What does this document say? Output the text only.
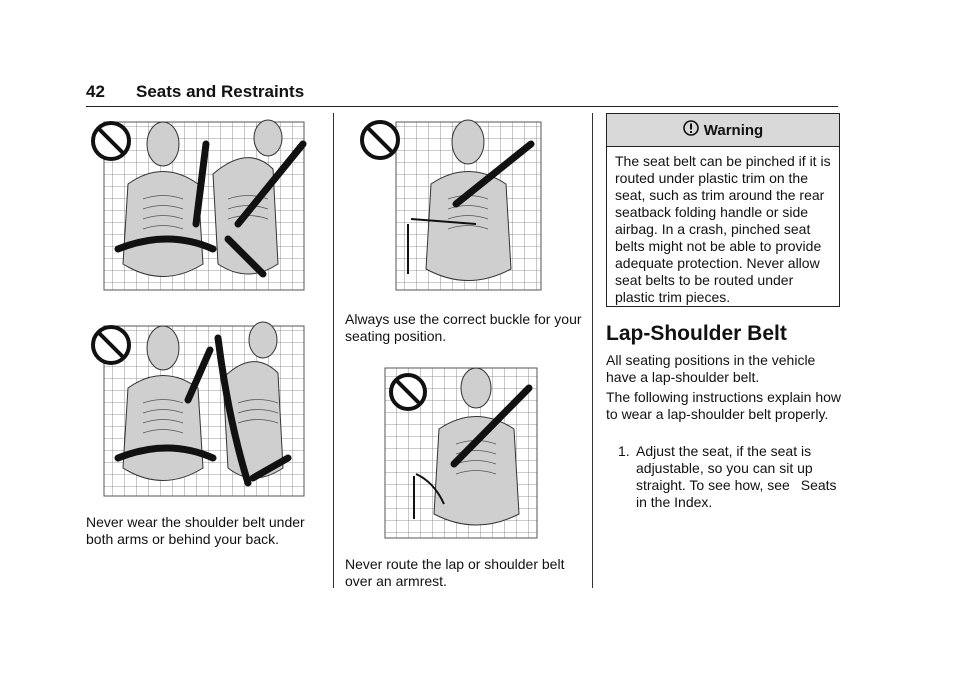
42 Seats and Restraints
Never wear the shoulder belt under both arms or behind your back.
Always use the correct buckle for your seating position.
Never route the lap or shoulder belt over an armrest.
Warning
The seat belt can be pinched if it is routed under plastic trim on the seat, such as trim around the rear seatback folding handle or side airbag. In a crash, pinched seat belts might not be able to provide adequate protection. Never allow seat belts to be routed under plastic trim pieces.
Lap-Shoulder Belt
All seating positions in the vehicle have a lap-shoulder belt.
The following instructions explain how to wear a lap-shoulder belt properly.
1. Adjust the seat, if the seat is adjustable, so you can sit up straight. To see how, see  Seats  in the Index.
